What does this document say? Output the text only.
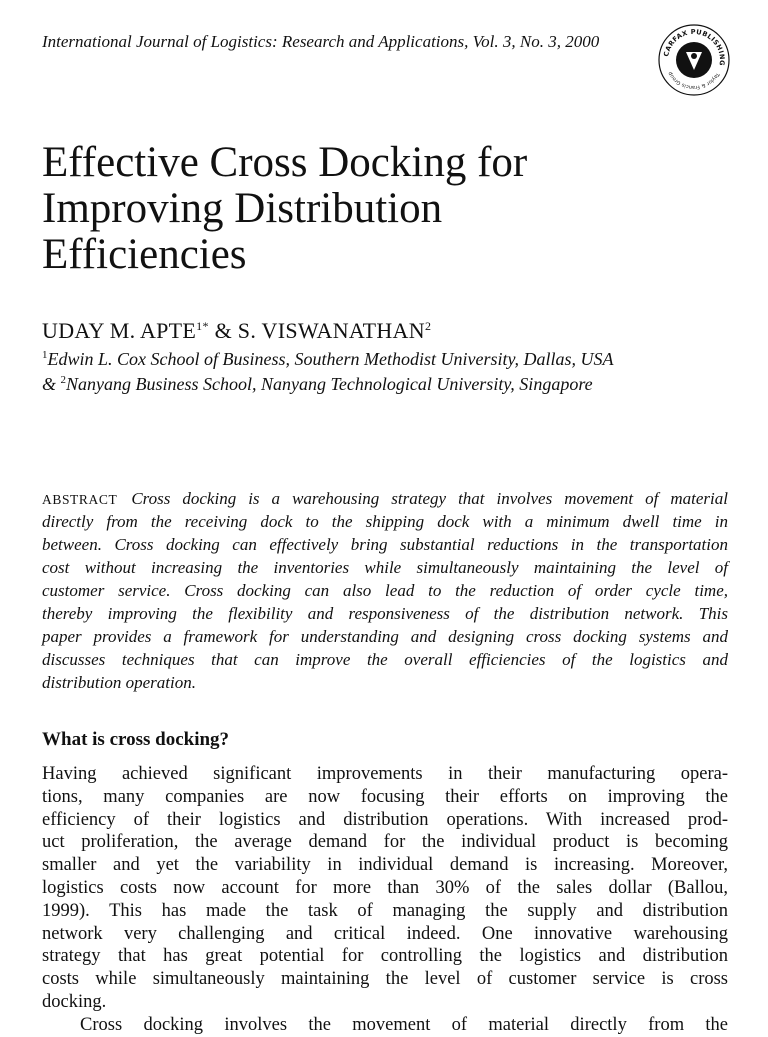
International Journal of Logistics: Research and Applications, Vol. 3, No. 3, 2000
CARFAX PUBLISHING
Taylor & Francis Group
Effective Cross Docking for
Improving Distribution
Efficiencies
UDAY M. $APTE^{1*}$ & S. VISWANATHAN$^2$
$^1$Edwin L. Cox School of Business, Southern Methodist University, Dallas, USA
& $^2$Nanyang Business School, Nanyang Technological University, Singapore
ABSTRACT Cross docking is a warehousing strategy that involves movement of material
directly from the receiving dock to the shipping dock with a minimum dwell time in
between. Cross docking can effectively bring substantial reductions in the transportation
cost without increasing the inventories while simultaneously maintaining the level of
customer service. Cross docking can also lead to the reduction of order cycle time,
thereby improving the flexibility and responsiveness of the distribution network. This
paper provides a framework for understanding and designing cross docking systems and
discusses techniques that can improve the overall efficiencies of the logistics and
distribution operation.
What is cross docking?
Having achieved significant improvements in their manufacturing opera-
tions, many companies are now focusing their efforts on improving the
efficiency of their logistics and distribution operations. With increased prod-
uct proliferation, the average demand for the individual product is becoming
smaller and yet the variability in individual demand is increasing. Moreover,
logistics costs now account for more than 30% of the sales dollar (Ballou,
1999). This has made the task of managing the supply and distribution
network very challenging and critical indeed. One innovative warehousing
strategy that has great potential for controlling the logistics and distribution
costs while simultaneously maintaining the level of customer service is cross
docking.
Cross docking involves the movement of material directly from the
